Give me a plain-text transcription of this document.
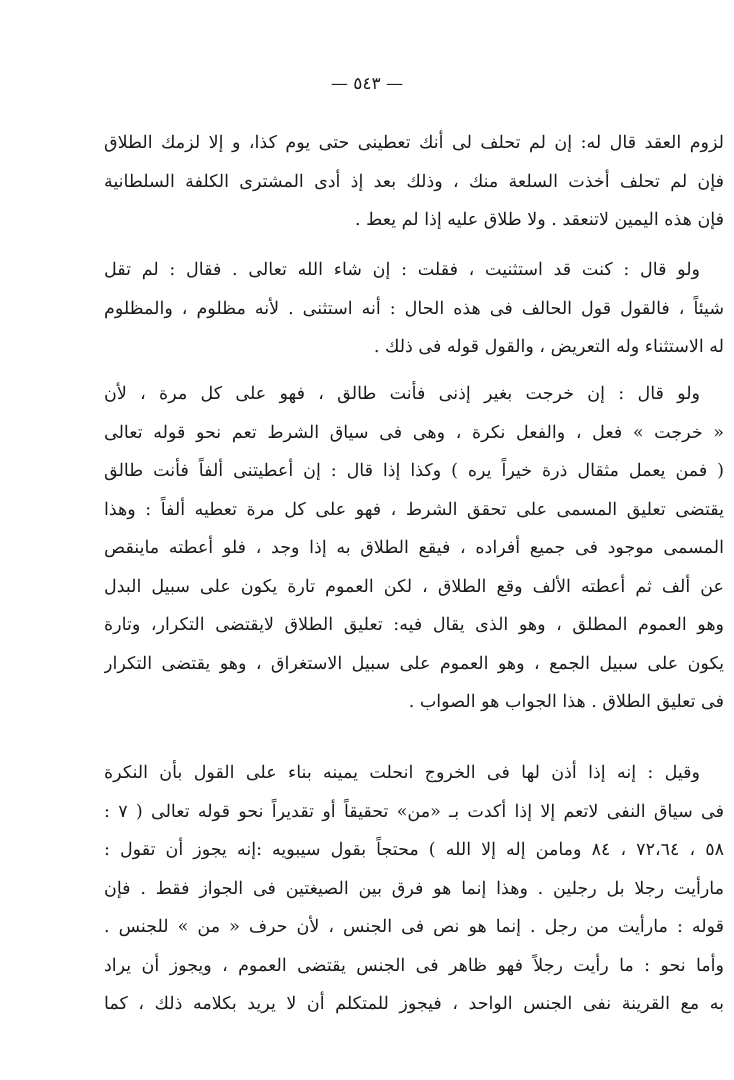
— ٥٤٣ —
لزوم العقد قال له: إن لم تحلف لى أنك تعطينى حتى يوم كذا، و إلا لزمك الطلاق
فإن لم تحلف أخذت السلعة منك ، وذلك بعد إذ أدى المشترى الكلفة السلطانية
فإن هذه اليمين لاتنعقد . ولا طلاق عليه إذا لم يعط .
ولو قال : كنت قد استثنيت ، فقلت : إن شاء الله تعالى . فقال : لم تقل
شيئاً ، فالقول قول الحالف فى هذه الحال : أنه استثنى . لأنه مظلوم ، والمظلوم
له الاستثناء وله التعريض ، والقول قوله فى ذلك .
ولو قال : إن خرجت بغير إذنى فأنت طالق ، فهو على كل مرة ، لأن
« خرجت » فعل ، والفعل نكرة ، وهى فى سياق الشرط تعم نحو قوله تعالى
( فمن يعمل مثقال ذرة خيراً يره ) وكذا إذا قال : إن أعطيتنى ألفاً فأنت طالق
يقتضى تعليق المسمى على تحقق الشرط ، فهو على كل مرة تعطيه ألفاً : وهذا
المسمى موجود فى جميع أفراده ، فيقع الطلاق به إذا وجد ، فلو أعطته ماينقص
عن ألف ثم أعطته الألف وقع الطلاق ، لكن العموم تارة يكون على سبيل البدل
وهو العموم المطلق ، وهو الذى يقال فيه: تعليق الطلاق لايقتضى التكرار، وتارة
يكون على سبيل الجمع ، وهو العموم على سبيل الاستغراق ، وهو يقتضى التكرار
فى تعليق الطلاق . هذا الجواب هو الصواب .
وقيل : إنه إذا أذن لها فى الخروج انحلت يمينه بناء على القول بأن النكرة
فى سياق النفى لاتعم إلا إذا أكدت بـ «من» تحقيقاً أو تقديراً نحو قوله تعالى ( ٧ :
٥٨ ، ٧٢،٦٤ ، ٨٤ ومامن إله إلا الله ) محتجاً بقول سيبويه :إنه يجوز أن تقول :
مارأيت رجلا بل رجلين . وهذا إنما هو فرق بين الصيغتين فى الجواز فقط . فإن
قوله : مارأيت من رجل . إنما هو نص فى الجنس ، لأن حرف « من » للجنس .
وأما نحو : ما رأيت رجلاً فهو ظاهر فى الجنس يقتضى العموم ، ويجوز أن يراد
به مع القرينة نفى الجنس الواحد ، فيجوز للمتكلم أن لا يريد بكلامه ذلك ، كما
